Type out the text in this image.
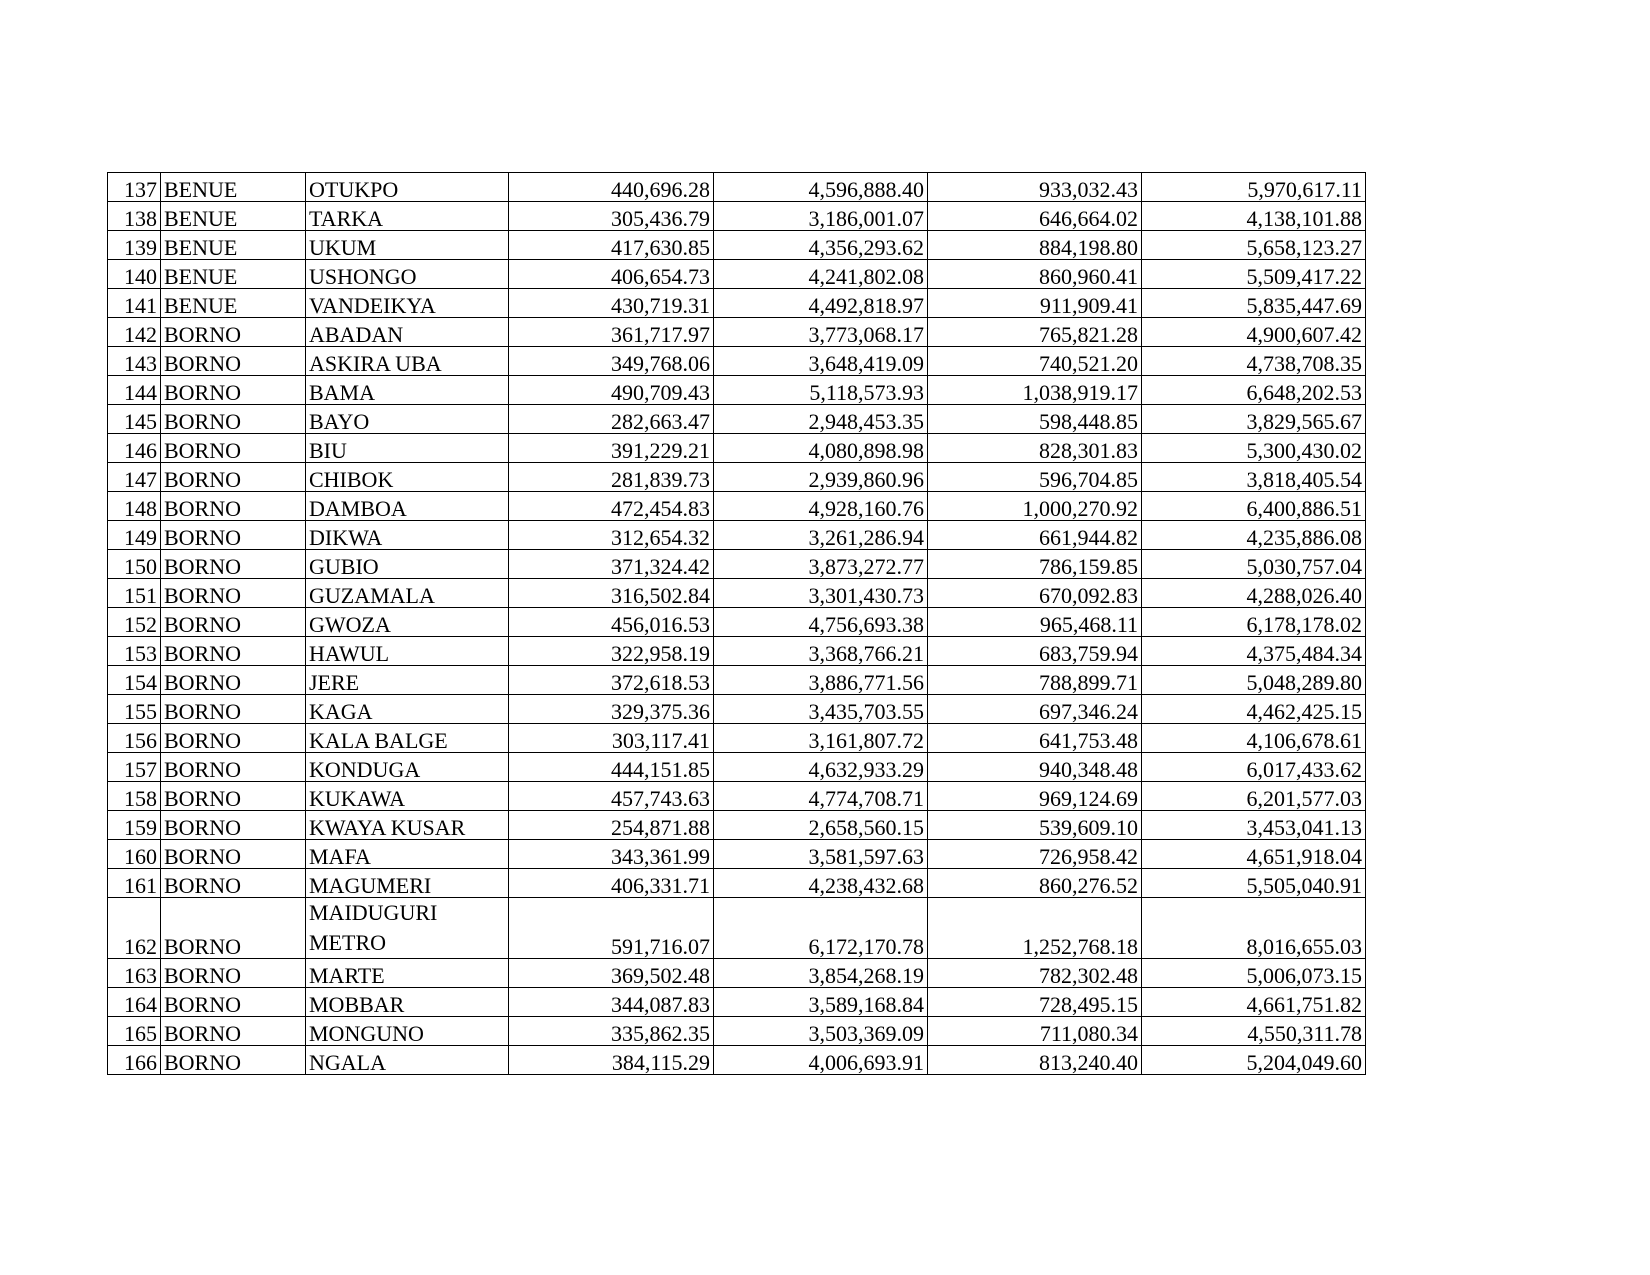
137	BENUE	OTUKPO	440,696.28	4,596,888.40	933,032.43	5,970,617.11
138	BENUE	TARKA	305,436.79	3,186,001.07	646,664.02	4,138,101.88
139	BENUE	UKUM	417,630.85	4,356,293.62	884,198.80	5,658,123.27
140	BENUE	USHONGO	406,654.73	4,241,802.08	860,960.41	5,509,417.22
141	BENUE	VANDEIKYA	430,719.31	4,492,818.97	911,909.41	5,835,447.69
142	BORNO	ABADAN	361,717.97	3,773,068.17	765,821.28	4,900,607.42
143	BORNO	ASKIRA UBA	349,768.06	3,648,419.09	740,521.20	4,738,708.35
144	BORNO	BAMA	490,709.43	5,118,573.93	1,038,919.17	6,648,202.53
145	BORNO	BAYO	282,663.47	2,948,453.35	598,448.85	3,829,565.67
146	BORNO	BIU	391,229.21	4,080,898.98	828,301.83	5,300,430.02
147	BORNO	CHIBOK	281,839.73	2,939,860.96	596,704.85	3,818,405.54
148	BORNO	DAMBOA	472,454.83	4,928,160.76	1,000,270.92	6,400,886.51
149	BORNO	DIKWA	312,654.32	3,261,286.94	661,944.82	4,235,886.08
150	BORNO	GUBIO	371,324.42	3,873,272.77	786,159.85	5,030,757.04
151	BORNO	GUZAMALA	316,502.84	3,301,430.73	670,092.83	4,288,026.40
152	BORNO	GWOZA	456,016.53	4,756,693.38	965,468.11	6,178,178.02
153	BORNO	HAWUL	322,958.19	3,368,766.21	683,759.94	4,375,484.34
154	BORNO	JERE	372,618.53	3,886,771.56	788,899.71	5,048,289.80
155	BORNO	KAGA	329,375.36	3,435,703.55	697,346.24	4,462,425.15
156	BORNO	KALA BALGE	303,117.41	3,161,807.72	641,753.48	4,106,678.61
157	BORNO	KONDUGA	444,151.85	4,632,933.29	940,348.48	6,017,433.62
158	BORNO	KUKAWA	457,743.63	4,774,708.71	969,124.69	6,201,577.03
159	BORNO	KWAYA KUSAR	254,871.88	2,658,560.15	539,609.10	3,453,041.13
160	BORNO	MAFA	343,361.99	3,581,597.63	726,958.42	4,651,918.04
161	BORNO	MAGUMERI	406,331.71	4,238,432.68	860,276.52	5,505,040.91
162	BORNO	MAIDUGURI METRO	591,716.07	6,172,170.78	1,252,768.18	8,016,655.03
163	BORNO	MARTE	369,502.48	3,854,268.19	782,302.48	5,006,073.15
164	BORNO	MOBBAR	344,087.83	3,589,168.84	728,495.15	4,661,751.82
165	BORNO	MONGUNO	335,862.35	3,503,369.09	711,080.34	4,550,311.78
166	BORNO	NGALA	384,115.29	4,006,693.91	813,240.40	5,204,049.60
